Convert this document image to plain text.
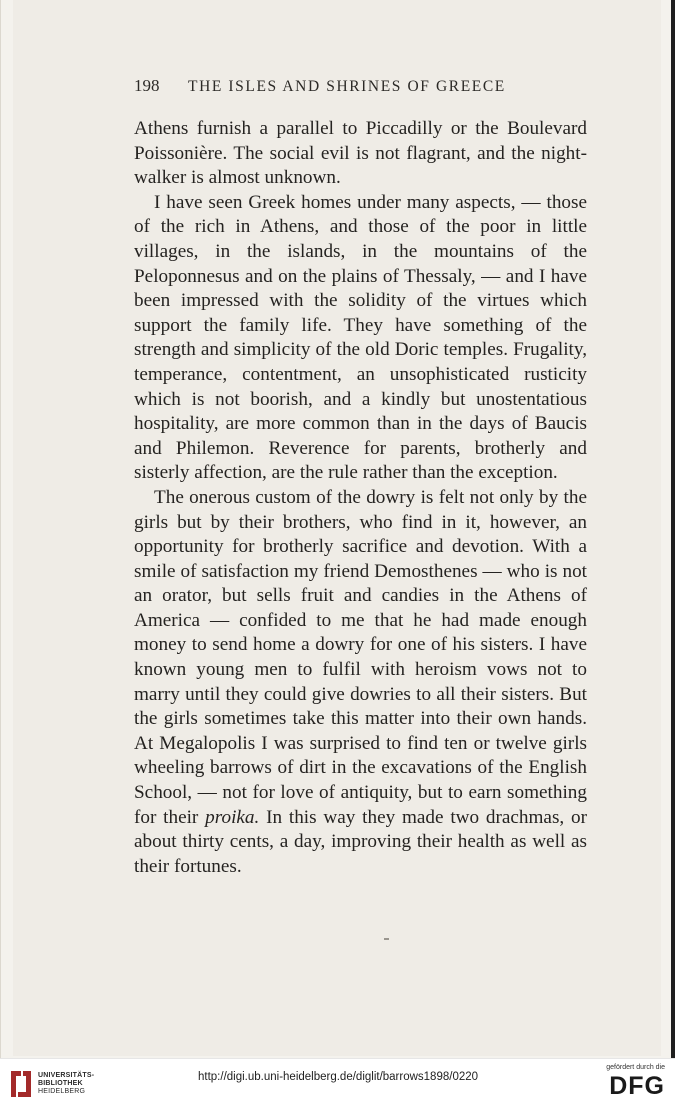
198 THE ISLES AND SHRINES OF GREECE

Athens furnish a parallel to Piccadilly or the Boulevard Poissonière. The social evil is not flagrant, and the night-walker is almost unknown.

I have seen Greek homes under many aspects, — those of the rich in Athens, and those of the poor in little villages, in the islands, in the mountains of the Peloponnesus and on the plains of Thessaly, — and I have been impressed with the solidity of the virtues which support the family life. They have something of the strength and simplicity of the old Doric temples. Frugality, temperance, contentment, an unsophisticated rusticity which is not boorish, and a kindly but unostentatious hospitality, are more common than in the days of Baucis and Philemon. Reverence for parents, brotherly and sisterly affection, are the rule rather than the exception.

The onerous custom of the dowry is felt not only by the girls but by their brothers, who find in it, however, an opportunity for brotherly sacrifice and devotion. With a smile of satisfaction my friend Demosthenes — who is not an orator, but sells fruit and candies in the Athens of America — confided to me that he had made enough money to send home a dowry for one of his sisters. I have known young men to fulfil with heroism vows not to marry until they could give dowries to all their sisters. But the girls sometimes take this matter into their own hands. At Megalopolis I was surprised to find ten or twelve girls wheeling barrows of dirt in the excavations of the English School, — not for love of antiquity, but to earn something for their proika. In this way they made two drachmas, or about thirty cents, a day, improving their health as well as their fortunes.

UNIVERSITÄTS-
BIBLIOTHEK
HEIDELBERG
http://digi.ub.uni-heidelberg.de/diglit/barrows1898/0220
gefördert durch die
DFG
